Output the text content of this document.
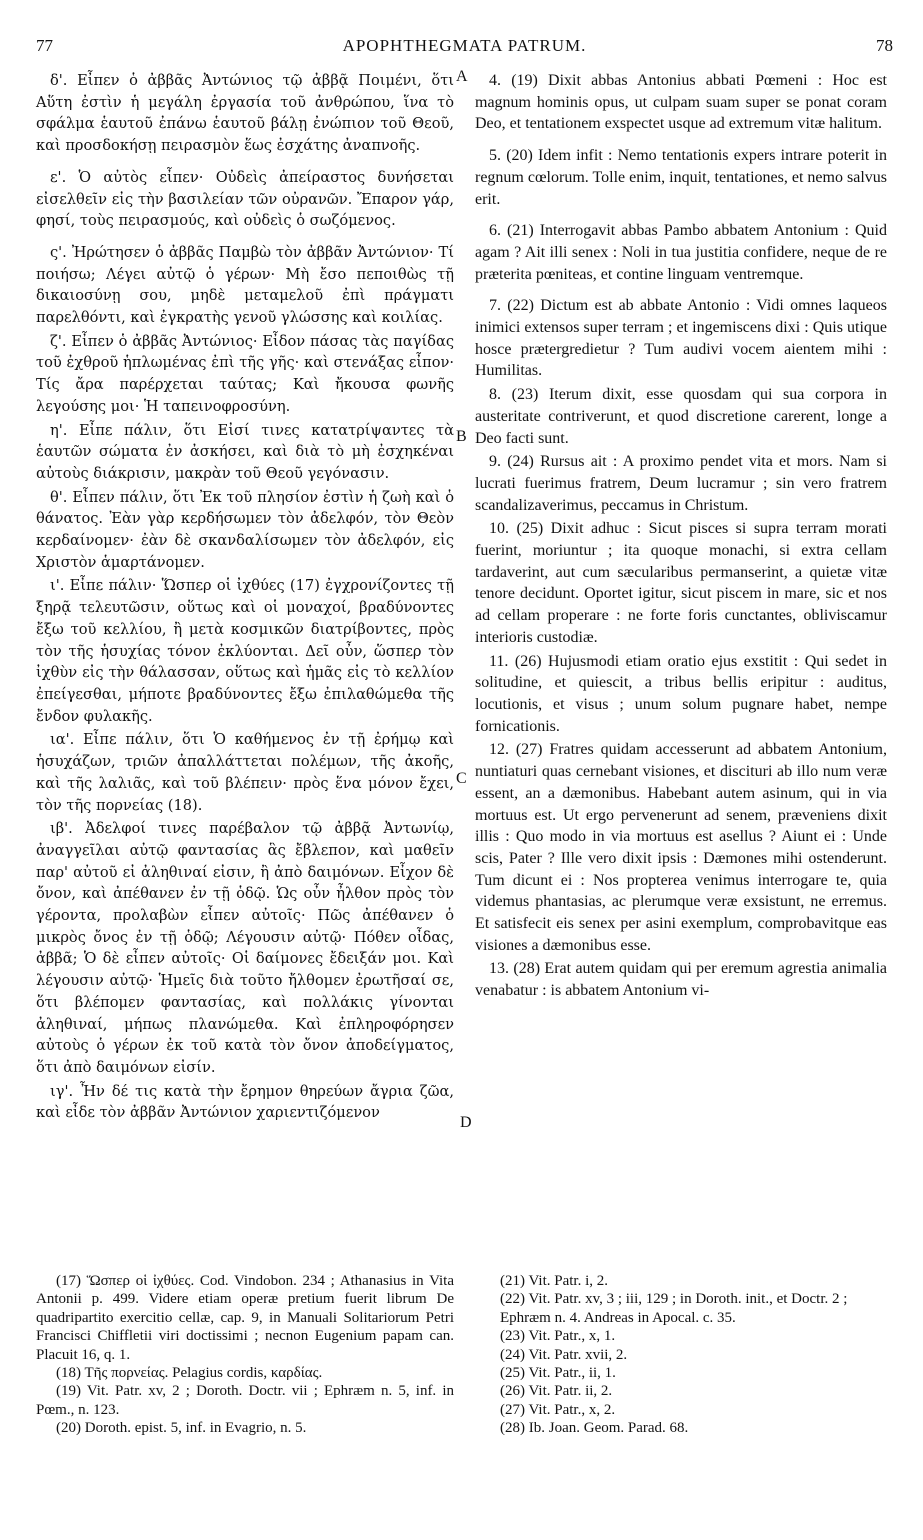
77	APOPHTHEGMATA PATRUM.	78

δ'. Εἶπεν ὁ ἀββᾶς Ἀντώνιος τῷ ἀββᾷ Ποιμένι, ὅτι Αὕτη ἐστὶν ἡ μεγάλη ἐργασία τοῦ ἀνθρώπου, ἵνα τὸ σφάλμα ἑαυτοῦ ἐπάνω ἑαυτοῦ βάλῃ ἐνώπιον τοῦ Θεοῦ, καὶ προσδοκήσῃ πειρασμὸν ἕως ἐσχάτης ἀναπνοῆς.

ε'. Ὁ αὐτὸς εἶπεν· Οὐδεὶς ἀπείραστος δυνήσεται εἰσελθεῖν εἰς τὴν βασιλείαν τῶν οὐρανῶν. Ἔπαρον γάρ, φησί, τοὺς πειρασμούς, καὶ οὐδεὶς ὁ σωζόμενος.

ς'. Ἠρώτησεν ὁ ἀββᾶς Παμβὼ τὸν ἀββᾶν Ἀντώνιον· Τί ποιήσω; Λέγει αὐτῷ ὁ γέρων· Μὴ ἔσο πεποιθὼς τῇ δικαιοσύνῃ σου, μηδὲ μεταμελοῦ ἐπὶ πράγματι παρελθόντι, καὶ ἐγκρατὴς γενοῦ γλώσσης καὶ κοιλίας.

ζ'. Εἶπεν ὁ ἀββᾶς Ἀντώνιος· Εἶδον πάσας τὰς παγίδας τοῦ ἐχθροῦ ἡπλωμένας ἐπὶ τῆς γῆς· καὶ στενάξας εἶπον· Τίς ἄρα παρέρχεται ταύτας; Καὶ ἤκουσα φωνῆς λεγούσης μοι· Ἡ ταπεινοφροσύνη.

η'. Εἶπε πάλιν, ὅτι Εἰσί τινες κατατρίψαντες τὰ ἑαυτῶν σώματα ἐν ἀσκήσει, καὶ διὰ τὸ μὴ ἐσχηκέναι αὐτοὺς διάκρισιν, μακρὰν τοῦ Θεοῦ γεγόνασιν.

θ'. Εἶπεν πάλιν, ὅτι Ἐκ τοῦ πλησίον ἐστὶν ἡ ζωὴ καὶ ὁ θάνατος. Ἐὰν γὰρ κερδήσωμεν τὸν ἀδελφόν, τὸν Θεὸν κερδαίνομεν· ἐὰν δὲ σκανδαλίσωμεν τὸν ἀδελφόν, εἰς Χριστὸν ἁμαρτάνομεν.

ι'. Εἶπε πάλιν· Ὥσπερ οἱ ἰχθύες (17) ἐγχρονίζοντες τῇ ξηρᾷ τελευτῶσιν, οὕτως καὶ οἱ μοναχοί, βραδύνοντες ἔξω τοῦ κελλίου, ἢ μετὰ κοσμικῶν διατρίβοντες, πρὸς τὸν τῆς ἡσυχίας τόνον ἐκλύονται. Δεῖ οὖν, ὥσπερ τὸν ἰχθὺν εἰς τὴν θάλασσαν, οὕτως καὶ ἡμᾶς εἰς τὸ κελλίον ἐπείγεσθαι, μήποτε βραδύνοντες ἔξω ἐπιλαθώμεθα τῆς ἔνδον φυλακῆς.

ια'. Εἶπε πάλιν, ὅτι Ὁ καθήμενος ἐν τῇ ἐρήμῳ καὶ ἡσυχάζων, τριῶν ἀπαλλάττεται πολέμων, τῆς ἀκοῆς, καὶ τῆς λαλιᾶς, καὶ τοῦ βλέπειν· πρὸς ἕνα μόνον ἔχει, τὸν τῆς πορνείας (18).

ιβ'. Ἀδελφοί τινες παρέβαλον τῷ ἀββᾷ Ἀντωνίῳ, ἀναγγεῖλαι αὐτῷ φαντασίας ἃς ἔβλεπον, καὶ μαθεῖν παρ' αὐτοῦ εἰ ἀληθιναί εἰσιν, ἢ ἀπὸ δαιμόνων. Εἶχον δὲ ὄνον, καὶ ἀπέθανεν ἐν τῇ ὁδῷ. Ὡς οὖν ἦλθον πρὸς τὸν γέροντα, προλαβὼν εἶπεν αὐτοῖς· Πῶς ἀπέθανεν ὁ μικρὸς ὄνος ἐν τῇ ὁδῷ; Λέγουσιν αὐτῷ· Πόθεν οἶδας, ἀββᾶ; Ὁ δὲ εἶπεν αὐτοῖς· Οἱ δαίμονες ἔδειξάν μοι. Καὶ λέγουσιν αὐτῷ· Ἡμεῖς διὰ τοῦτο ἤλθομεν ἐρωτῆσαί σε, ὅτι βλέπομεν φαντασίας, καὶ πολλάκις γίνονται ἀληθιναί, μήπως πλανώμεθα. Καὶ ἐπληροφόρησεν αὐτοὺς ὁ γέρων ἐκ τοῦ κατὰ τὸν ὄνον ἀποδείγματος, ὅτι ἀπὸ δαιμόνων εἰσίν.

ιγ'. Ἦν δέ τις κατὰ τὴν ἔρημον θηρεύων ἄγρια ζῶα, καὶ εἶδε τὸν ἀββᾶν Ἀντώνιον χαριεντιζόμενον

A
B
C
D

4. (19) Dixit abbas Antonius abbati Pœmeni : Hoc est magnum hominis opus, ut culpam suam super se ponat coram Deo, et tentationem exspectet usque ad extremum vitæ halitum.

5. (20) Idem infit : Nemo tentationis expers intrare poterit in regnum cœlorum. Tolle enim, inquit, tentationes, et nemo salvus erit.

6. (21) Interrogavit abbas Pambo abbatem Antonium : Quid agam ? Ait illi senex : Noli in tua justitia confidere, neque de re præterita pœniteas, et contine linguam ventremque.

7. (22) Dictum est ab abbate Antonio : Vidi omnes laqueos inimici extensos super terram ; et ingemiscens dixi : Quis utique hosce prætergredietur ? Tum audivi vocem aientem mihi : Humilitas.

8. (23) Iterum dixit, esse quosdam qui sua corpora in austeritate contriverunt, et quod discretione carerent, longe a Deo facti sunt.

9. (24) Rursus ait : A proximo pendet vita et mors. Nam si lucrati fuerimus fratrem, Deum lucramur ; sin vero fratrem scandalizaverimus, peccamus in Christum.

10. (25) Dixit adhuc : Sicut pisces si supra terram morati fuerint, moriuntur ; ita quoque monachi, si extra cellam tardaverint, aut cum sæcularibus permanserint, a quietæ vitæ tenore decidunt. Oportet igitur, sicut piscem in mare, sic et nos ad cellam properare : ne forte foris cunctantes, obliviscamur interioris custodiæ.

11. (26) Hujusmodi etiam oratio ejus exstitit : Qui sedet in solitudine, et quiescit, a tribus bellis eripitur : auditus, locutionis, et visus ; unum solum pugnare habet, nempe fornicationis.

12. (27) Fratres quidam accesserunt ad abbatem Antonium, nuntiaturi quas cernebant visiones, et disciturі ab illo num veræ essent, an a dæmonibus. Habebant autem asinum, qui in via mortuus est. Ut ergo pervenerunt ad senem, præveniens dixit illis : Quo modo in via mortuus est asellus ? Aiunt ei : Unde scis, Pater ? Ille vero dixit ipsis : Dæmones mihi ostenderunt. Tum dicunt ei : Nos propterea venimus interrogare te, quia videmus phantasias, ac plerumque veræ exsistunt, ne erremus. Et satisfecit eis senex per asini exemplum, comprobavitque eas visiones a dæmonibus esse.

13. (28) Erat autem quidam qui per eremum agrestia animalia venabatur : is abbatem Antonium vi-

(17) Ὥσπερ οἱ ἰχθύες. Cod. Vindobon. 234 ; Athanasius in Vita Antonii p. 499. Videre etiam operæ pretium fuerit librum De quadripartito exercitio cellæ, cap. 9, in Manuali Solitariorum Petri Francisci Chiffletii viri doctissimi ; necnon Eugenium papam can. Placuit 16, q. 1.

(18) Τῆς πορνείας. Pelagius cordis, καρδίας.

(19) Vit. Patr. xv, 2 ; Doroth. Doctr. vii ; Ephræm n. 5, inf. in Pœm., n. 123.

(20) Doroth. epist. 5, inf. in Evagrio, n. 5.

(21) Vit. Patr. i, 2.

(22) Vit. Patr. xv, 3 ; iii, 129 ; in Doroth. init., et Doctr. 2 ; Ephræm n. 4. Andreas in Apocal. c. 35.

(23) Vit. Patr., x, 1.

(24) Vit. Patr. xvii, 2.

(25) Vit. Patr., ii, 1.

(26) Vit. Patr. ii, 2.

(27) Vit. Patr., x, 2.

(28) Ib. Joan. Geom. Parad. 68.
